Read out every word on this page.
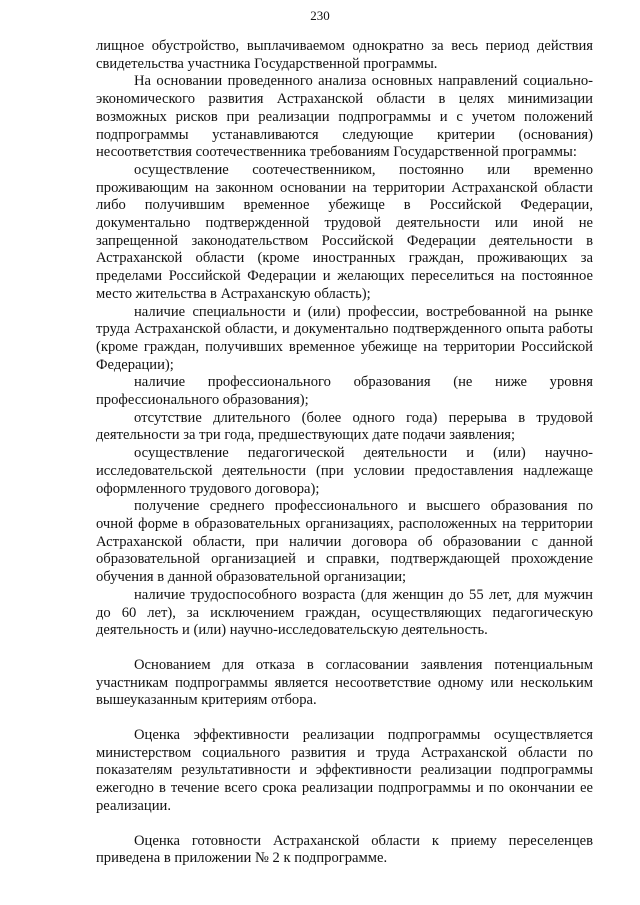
230

лищное обустройство, выплачиваемом однократно за весь период действия свидетельства участника Государственной программы.

На основании проведенного анализа основных направлений социально-экономического развития Астраханской области в целях минимизации возможных рисков при реализации подпрограммы и с учетом положений подпрограммы устанавливаются следующие критерии (основания) несоответствия соотечественника требованиям Государственной программы:

осуществление соотечественником, постоянно или временно проживающим на законном основании на территории Астраханской области либо получившим временное убежище в Российской Федерации, документально подтвержденной трудовой деятельности или иной не запрещенной законодательством Российской Федерации деятельности в Астраханской области (кроме иностранных граждан, проживающих за пределами Российской Федерации и желающих переселиться на постоянное место жительства в Астраханскую область);

наличие специальности и (или) профессии, востребованной на рынке труда Астраханской области, и документально подтвержденного опыта работы (кроме граждан, получивших временное убежище на территории Российской Федерации);

наличие профессионального образования (не ниже уровня профессионального образования);

отсутствие длительного (более одного года) перерыва в трудовой деятельности за три года, предшествующих дате подачи заявления;

осуществление педагогической деятельности и (или) научно-исследовательской деятельности (при условии предоставления надлежаще оформленного трудового договора);

получение среднего профессионального и высшего образования по очной форме в образовательных организациях, расположенных на территории Астраханской области, при наличии договора об образовании с данной образовательной организацией и справки, подтверждающей прохождение обучения в данной образовательной организации;

наличие трудоспособного возраста (для женщин до 55 лет, для мужчин до 60 лет), за исключением граждан, осуществляющих педагогическую деятельность и (или) научно-исследовательскую деятельность.

Основанием для отказа в согласовании заявления потенциальным участникам подпрограммы является несоответствие одному или нескольким вышеуказанным критериям отбора.

Оценка эффективности реализации подпрограммы осуществляется министерством социального развития и труда Астраханской области по показателям результативности и эффективности реализации подпрограммы ежегодно в течение всего срока реализации подпрограммы и по окончании ее реализации.

Оценка готовности Астраханской области к приему переселенцев приведена в приложении № 2 к подпрограмме.
